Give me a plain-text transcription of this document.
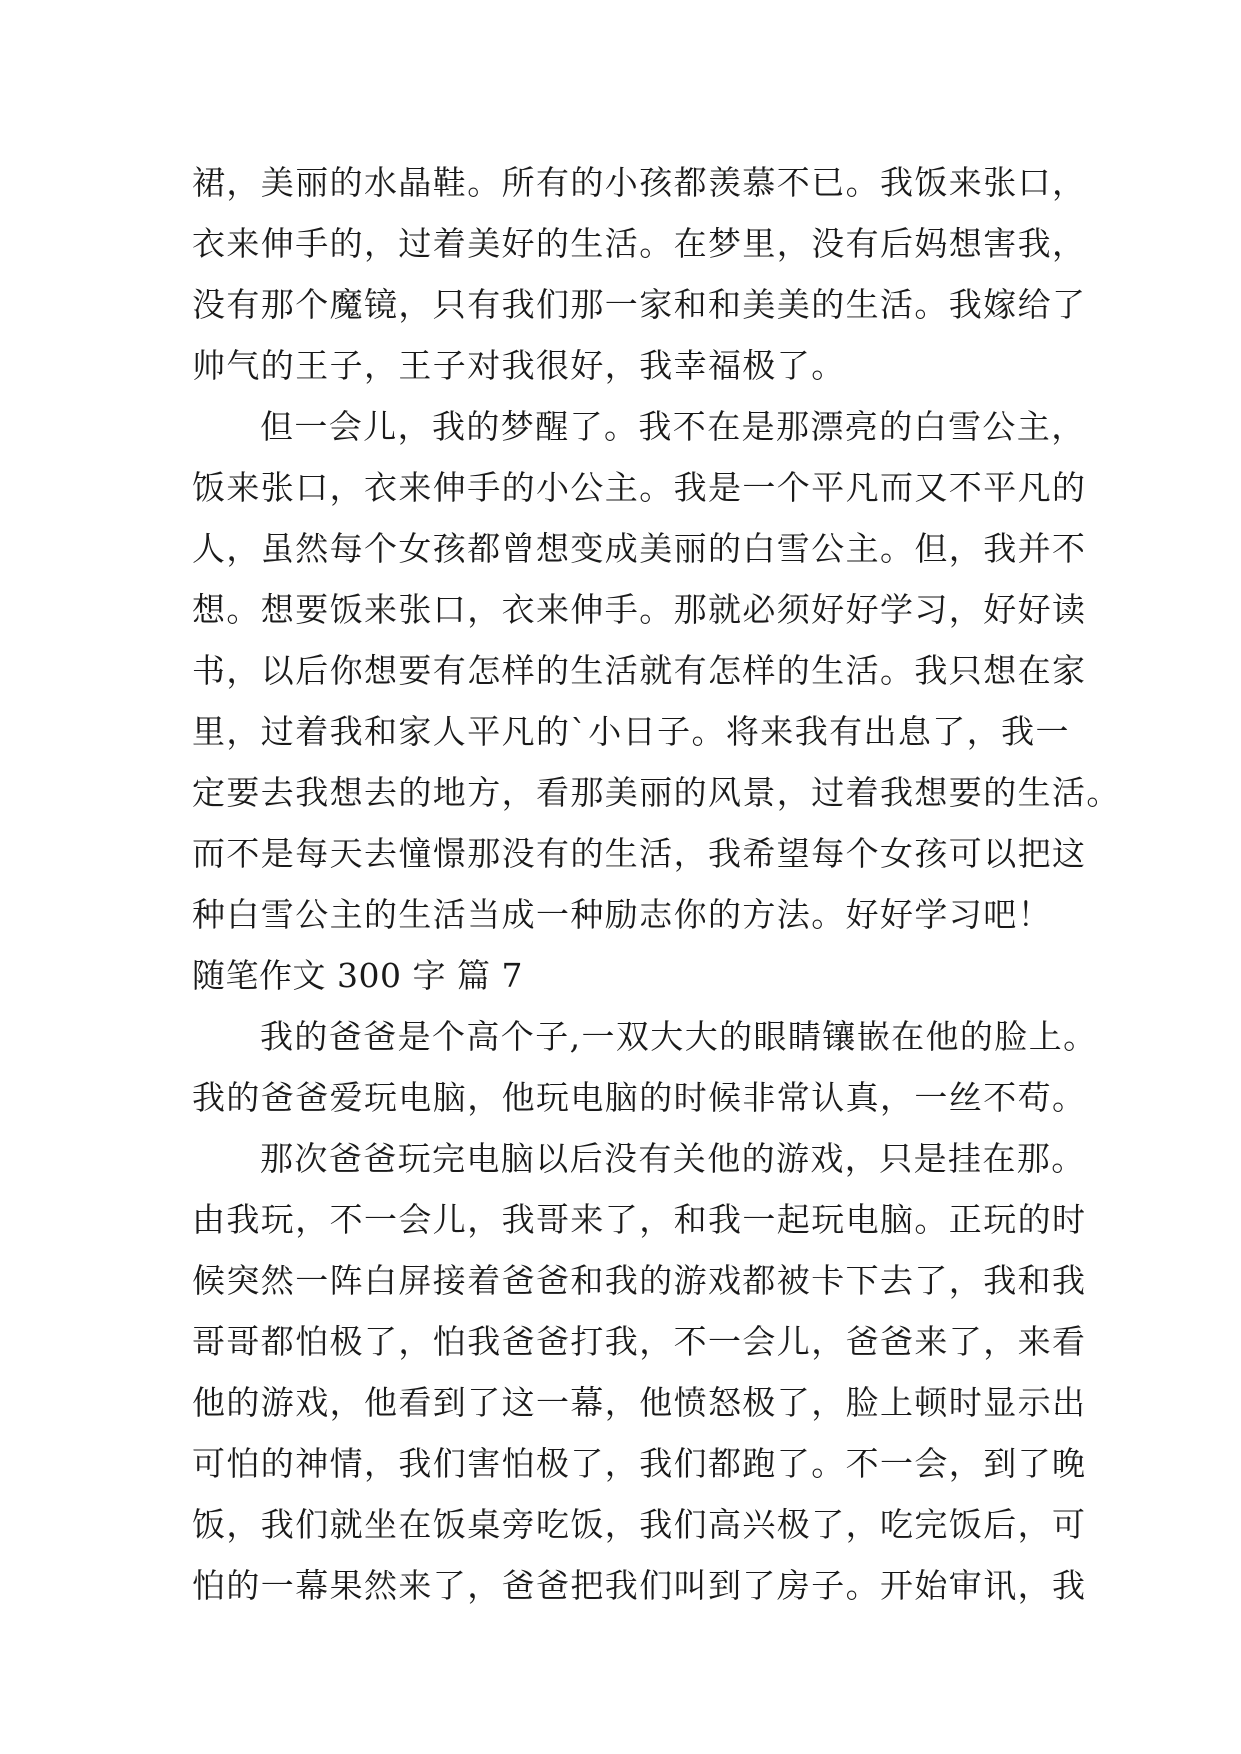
裙，美丽的水晶鞋。所有的小孩都羡慕不已。我饭来张口，
衣来伸手的，过着美好的生活。在梦里，没有后妈想害我，
没有那个魔镜，只有我们那一家和和美美的生活。我嫁给了
帅气的王子，王子对我很好，我幸福极了。
但一会儿，我的梦醒了。我不在是那漂亮的白雪公主，
饭来张口，衣来伸手的小公主。我是一个平凡而又不平凡的
人，虽然每个女孩都曾想变成美丽的白雪公主。但，我并不
想。想要饭来张口，衣来伸手。那就必须好好学习，好好读
书，以后你想要有怎样的生活就有怎样的生活。我只想在家
里，过着我和家人平凡的`小日子。将来我有出息了，我一
定要去我想去的地方，看那美丽的风景，过着我想要的生活。
而不是每天去憧憬那没有的生活，我希望每个女孩可以把这
种白雪公主的生活当成一种励志你的方法。好好学习吧！
随笔作文 300 字 篇 7
我的爸爸是个高个子,一双大大的眼睛镶嵌在他的脸上。
我的爸爸爱玩电脑，他玩电脑的时候非常认真，一丝不苟。
那次爸爸玩完电脑以后没有关他的游戏，只是挂在那。
由我玩，不一会儿，我哥来了，和我一起玩电脑。正玩的时
候突然一阵白屏接着爸爸和我的游戏都被卡下去了，我和我
哥哥都怕极了，怕我爸爸打我，不一会儿，爸爸来了，来看
他的游戏，他看到了这一幕，他愤怒极了，脸上顿时显示出
可怕的神情，我们害怕极了，我们都跑了。不一会，到了晚
饭，我们就坐在饭桌旁吃饭，我们高兴极了，吃完饭后，可
怕的一幕果然来了，爸爸把我们叫到了房子。开始审讯，我
